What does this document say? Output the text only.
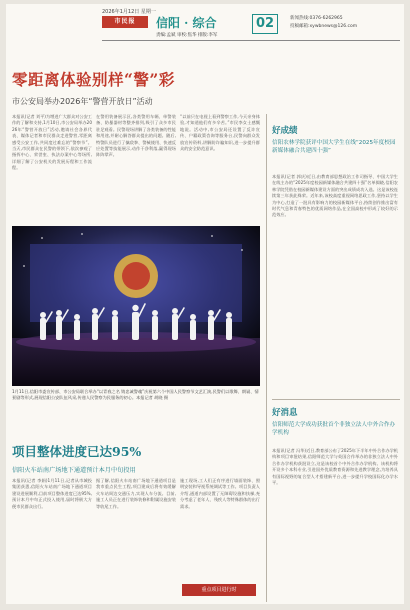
2026年1月12日 星期一
市民报	信阳 · 综合
责编:孟斌 审校:焦华 排版:李军
02	新闻热线:0376-6262965
投稿邮箱:xywbnews@126.com
零距离体验别样“警”彩
市公安局举办2026年“警营开放日”活动
本报讯(记者 刘平)为增进广大群众对公安工作的了解和支持,1月10日,市公安局举办2026年“警营开放日”活动,邀请社会各界代表、媒体记者和市民群众走进警营,零距离感受公安工作,共同度过难忘的“警察节”。当天,市民群众在民警的带领下,依次参观了指挥中心、荣誉室、执法办案中心等场所,详细了解了公安机关的发展历程和工作流程。
在警用装备展示区,各类警用车辆、单警装备、防暴器材等整齐排列,吸引了众多市民驻足观看。民警现场讲解了各类装备的性能和用途,并耐心解答群众提出的问题。随后,特警队员进行了擒敌拳、警械使用、快速反应处置等技能展示,动作干净利落,赢得现场阵阵掌声。
“以前只在电视上看到警察工作,今天亲身体验,才知道他们有多辛苦。”市民李女士感慨地说。活动中,市公安局还设置了反诈宣传、户籍政策咨询等服务台,民警向群众发放宣传资料,讲解防诈骗知识,进一步提升群众的安全防范意识。
1月11日,信阳市委宣传部、市公安局联合举办“以青春之名 铸忠诚警魂”庆祝第六个中国人民警察节文艺汇演,民警们以歌舞、朗诵、情景剧等形式,展现信阳公安队伍风采,传递人民警察为民服务的初心。本报记者 胡晓 摄
项目整体进度已达95%
信阳火车站南广场地下通道预计本月中旬投用
本报讯(记者 李娟)1月11日,记者从市城投集团获悉,信阳火车站南广场地下通道项目建设进展顺利,目前项目整体进度已达95%,预计本月中旬正式投入使用,届时将极大方便市民群众出行。
据了解,信阳火车站南广场地下通道项目是我市重点民生工程,项目建成后将有效缓解火车站周边交通压力,实现人车分流。目前,施工人员正在进行装饰装修和附属设施安装等收尾工作。
施工现场,工人们正有序进行墙面装饰、照明安装和导视系统调试等工作。项目负责人介绍,通道内部设置了无障碍设施和扶梯,充分考虑了老年人、残疾人等特殊群体的出行需求。
重点项目进行时
好成绩
信阳农林学院获评中国大学生在线“2025年度校园新媒体融合共建四十强”
本报讯(记者 郭庆)近日,由教育部思想政治工作司指导、中国大学生在线主办的“2025年度校园新媒体融合共建四十强”名单揭晓,信阳农林学院凭借在校园新媒体建设方面的突出成绩成功入选。这是该校连续第三年获此殊荣。近年来,该校高度重视网络思政工作,坚持以学生为中心,打造了一批具有影响力的校园新媒体平台,持续创作推出富有时代气息和青春特色的优质网络作品,在全国高校中形成了较好的示范效应。
好消息
信阳师范大学成功获批首个非独立法人中外合作办学机构
本报讯(记者 冯华)近日,教育部公布了2025年下半年中外合作办学机构和项目审批结果,信阳师范大学与英国合作举办的非独立法人中外合作办学机构获批设立,这是该校首个中外合作办学机构。该机构将开设多个本科专业,引进国外优质教育资源和先进教学理念,为培养具有国际视野的复合型人才搭建新平台,进一步提升学校国际化办学水平。
